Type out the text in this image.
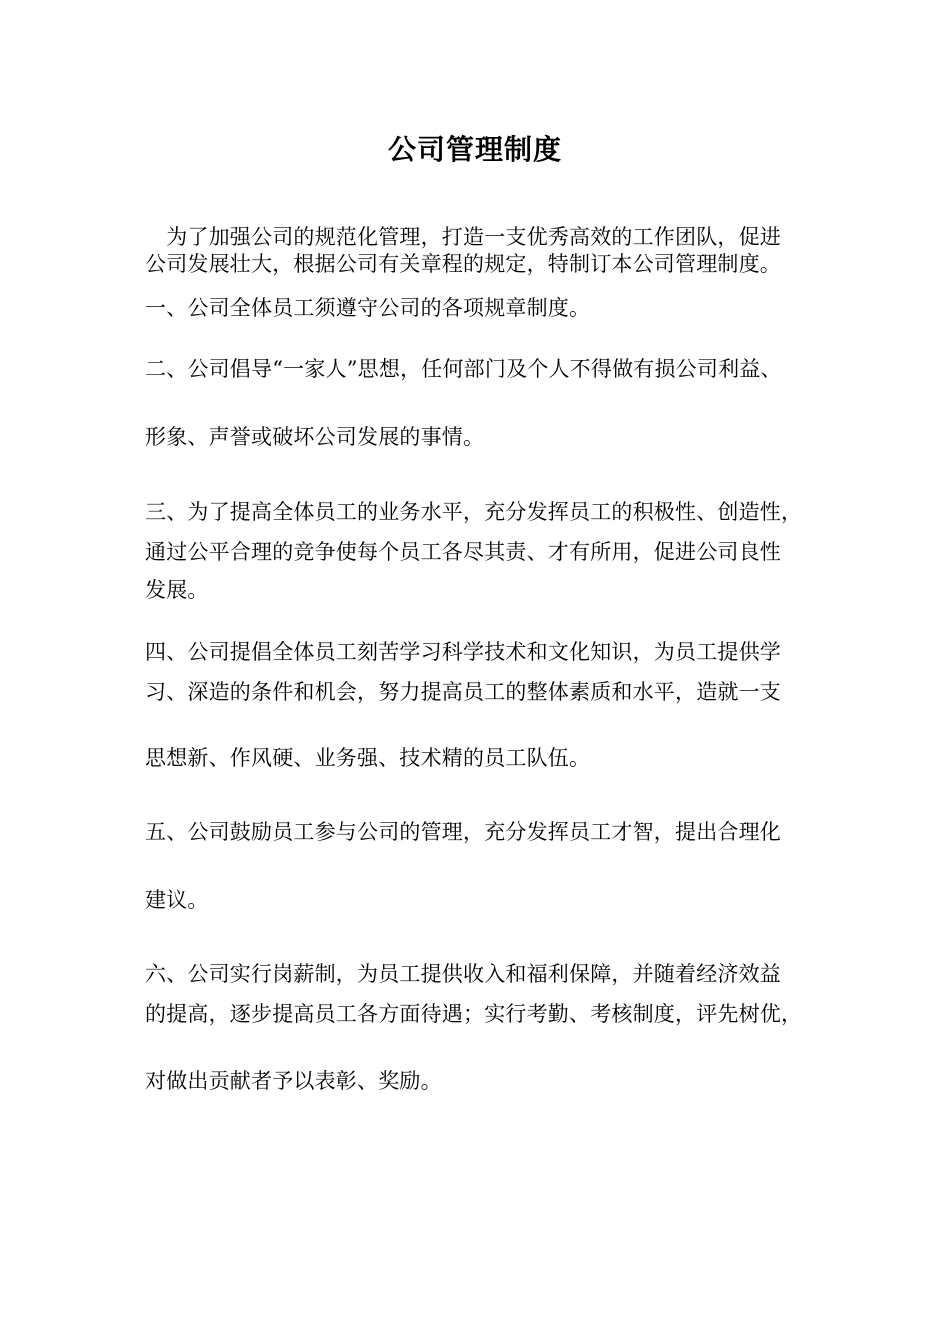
公司管理制度
　为了加强公司的规范化管理，打造一支优秀高效的工作团队，促进
公司发展壮大，根据公司有关章程的规定，特制订本公司管理制度。
一、公司全体员工须遵守公司的各项规章制度。
二、公司倡导“一家人”思想，任何部门及个人不得做有损公司利益、
形象、声誉或破坏公司发展的事情。
三、为了提高全体员工的业务水平，充分发挥员工的积极性、创造性，
通过公平合理的竞争使每个员工各尽其责、才有所用，促进公司良性
发展。
四、公司提倡全体员工刻苦学习科学技术和文化知识，为员工提供学
习、深造的条件和机会，努力提高员工的整体素质和水平，造就一支
思想新、作风硬、业务强、技术精的员工队伍。
五、公司鼓励员工参与公司的管理，充分发挥员工才智，提出合理化
建议。
六、公司实行岗薪制，为员工提供收入和福利保障，并随着经济效益
的提高，逐步提高员工各方面待遇；实行考勤、考核制度，评先树优，
对做出贡献者予以表彰、奖励。
